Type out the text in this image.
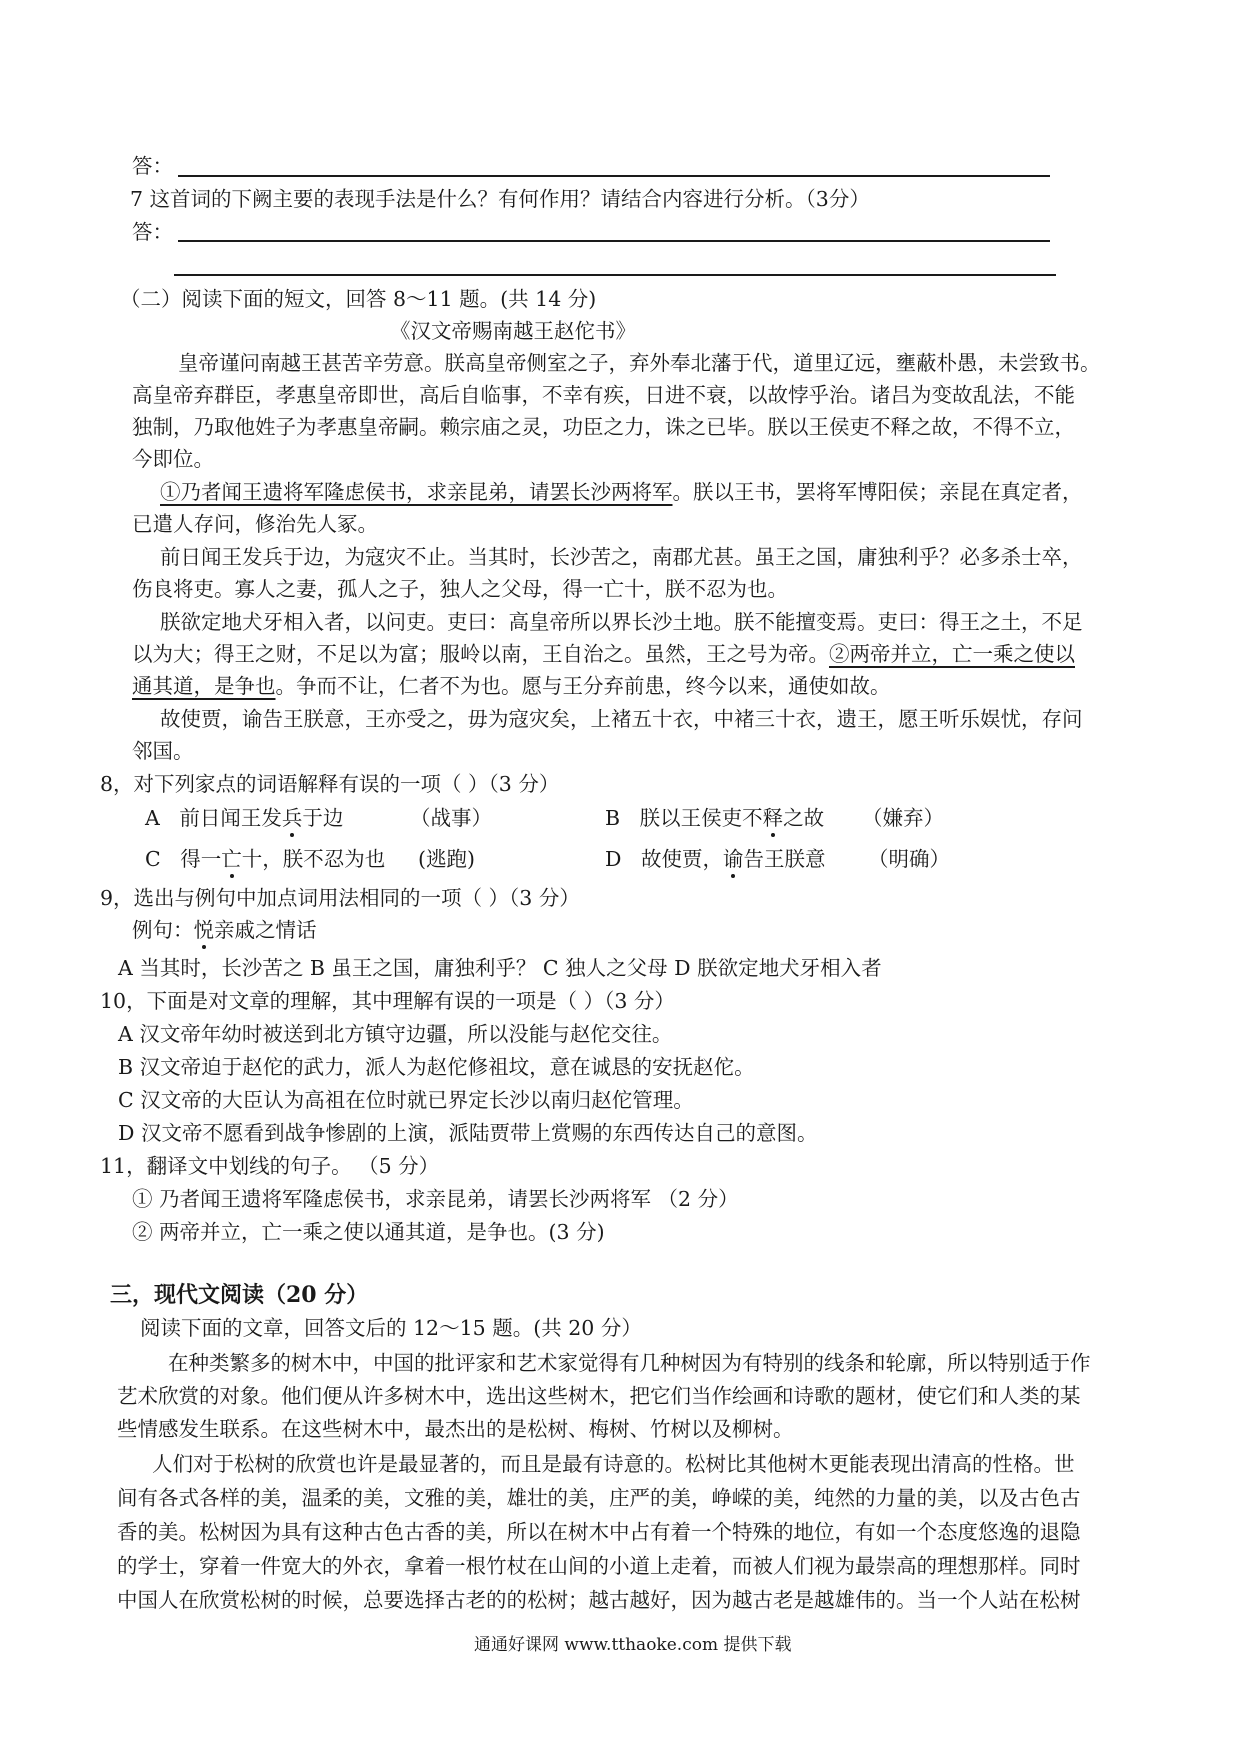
答：
7 这首词的下阙主要的表现手法是什么？有何作用？请结合内容进行分析。（3分）
答：
（二）阅读下面的短文，回答 8～11 题。(共 14 分)
《汉文帝赐南越王赵佗书》
皇帝谨问南越王甚苦辛劳意。朕高皇帝侧室之子，弃外奉北藩于代，道里辽远，壅蔽朴愚，未尝致书。
高皇帝弃群臣，孝惠皇帝即世，高后自临事，不幸有疾，日进不衰，以故悖乎治。诸吕为变故乱法，不能
独制，乃取他姓子为孝惠皇帝嗣。赖宗庙之灵，功臣之力，诛之已毕。朕以王侯吏不释之故，不得不立，
今即位。
①乃者闻王遗将军隆虑侯书，求亲昆弟，请罢长沙两将军。朕以王书，罢将军博阳侯；亲昆在真定者，
已遣人存问，修治先人冢。
前日闻王发兵于边，为寇灾不止。当其时，长沙苦之，南郡尤甚。虽王之国，庸独利乎？必多杀士卒，
伤良将吏。寡人之妻，孤人之子，独人之父母，得一亡十，朕不忍为也。
朕欲定地犬牙相入者，以问吏。吏曰：高皇帝所以界长沙土地。朕不能擅变焉。吏曰：得王之土，不足
以为大；得王之财，不足以为富；服岭以南，王自治之。虽然，王之号为帝。②两帝并立，亡一乘之使以
通其道，是争也。争而不让，仁者不为也。愿与王分弃前患，终今以来，通使如故。
故使贾，谕告王朕意，王亦受之，毋为寇灾矣，上褚五十衣，中褚三十衣，遗王，愿王听乐娱忧，存问
邻国。
8，对下列家点的词语解释有误的一项（ ）（3 分）
A 前日闻王发兵于边	（战事）	B 朕以王侯吏不释之故 （嫌弃）
C 得一亡十，朕不忍为也 (逃跑)	D 故使贾，谕告王朕意 （明确）
9，选出与例句中加点词用法相同的一项（ ）（3 分）
例句：悦亲戚之情话
A 当其时，长沙苦之 B 虽王之国，庸独利乎？ C 独人之父母 D 朕欲定地犬牙相入者
10，下面是对文章的理解，其中理解有误的一项是（ ）（3 分）
A 汉文帝年幼时被送到北方镇守边疆，所以没能与赵佗交往。
B 汉文帝迫于赵佗的武力，派人为赵佗修祖坟，意在诚恳的安抚赵佗。
C 汉文帝的大臣认为高祖在位时就已界定长沙以南归赵佗管理。
D 汉文帝不愿看到战争惨剧的上演，派陆贾带上赏赐的东西传达自己的意图。
11，翻译文中划线的句子。 （5 分）
① 乃者闻王遗将军隆虑侯书，求亲昆弟，请罢长沙两将军 （2 分）
② 两帝并立，亡一乘之使以通其道，是争也。(3 分)
三，现代文阅读（20 分）
阅读下面的文章，回答文后的 12～15 题。(共 20 分）
在种类繁多的树木中，中国的批评家和艺术家觉得有几种树因为有特别的线条和轮廓，所以特别适于作
艺术欣赏的对象。他们便从许多树木中，选出这些树木，把它们当作绘画和诗歌的题材，使它们和人类的某
些情感发生联系。在这些树木中，最杰出的是松树、梅树、竹树以及柳树。
人们对于松树的欣赏也许是最显著的，而且是最有诗意的。松树比其他树木更能表现出清高的性格。世
间有各式各样的美，温柔的美，文雅的美，雄壮的美，庄严的美，峥嵘的美，纯然的力量的美，以及古色古
香的美。松树因为具有这种古色古香的美，所以在树木中占有着一个特殊的地位，有如一个态度悠逸的退隐
的学士，穿着一件宽大的外衣，拿着一根竹杖在山间的小道上走着，而被人们视为最崇高的理想那样。同时
中国人在欣赏松树的时候，总要选择古老的的松树；越古越好，因为越古老是越雄伟的。当一个人站在松树
通通好课网 www.tthaoke.com 提供下载
